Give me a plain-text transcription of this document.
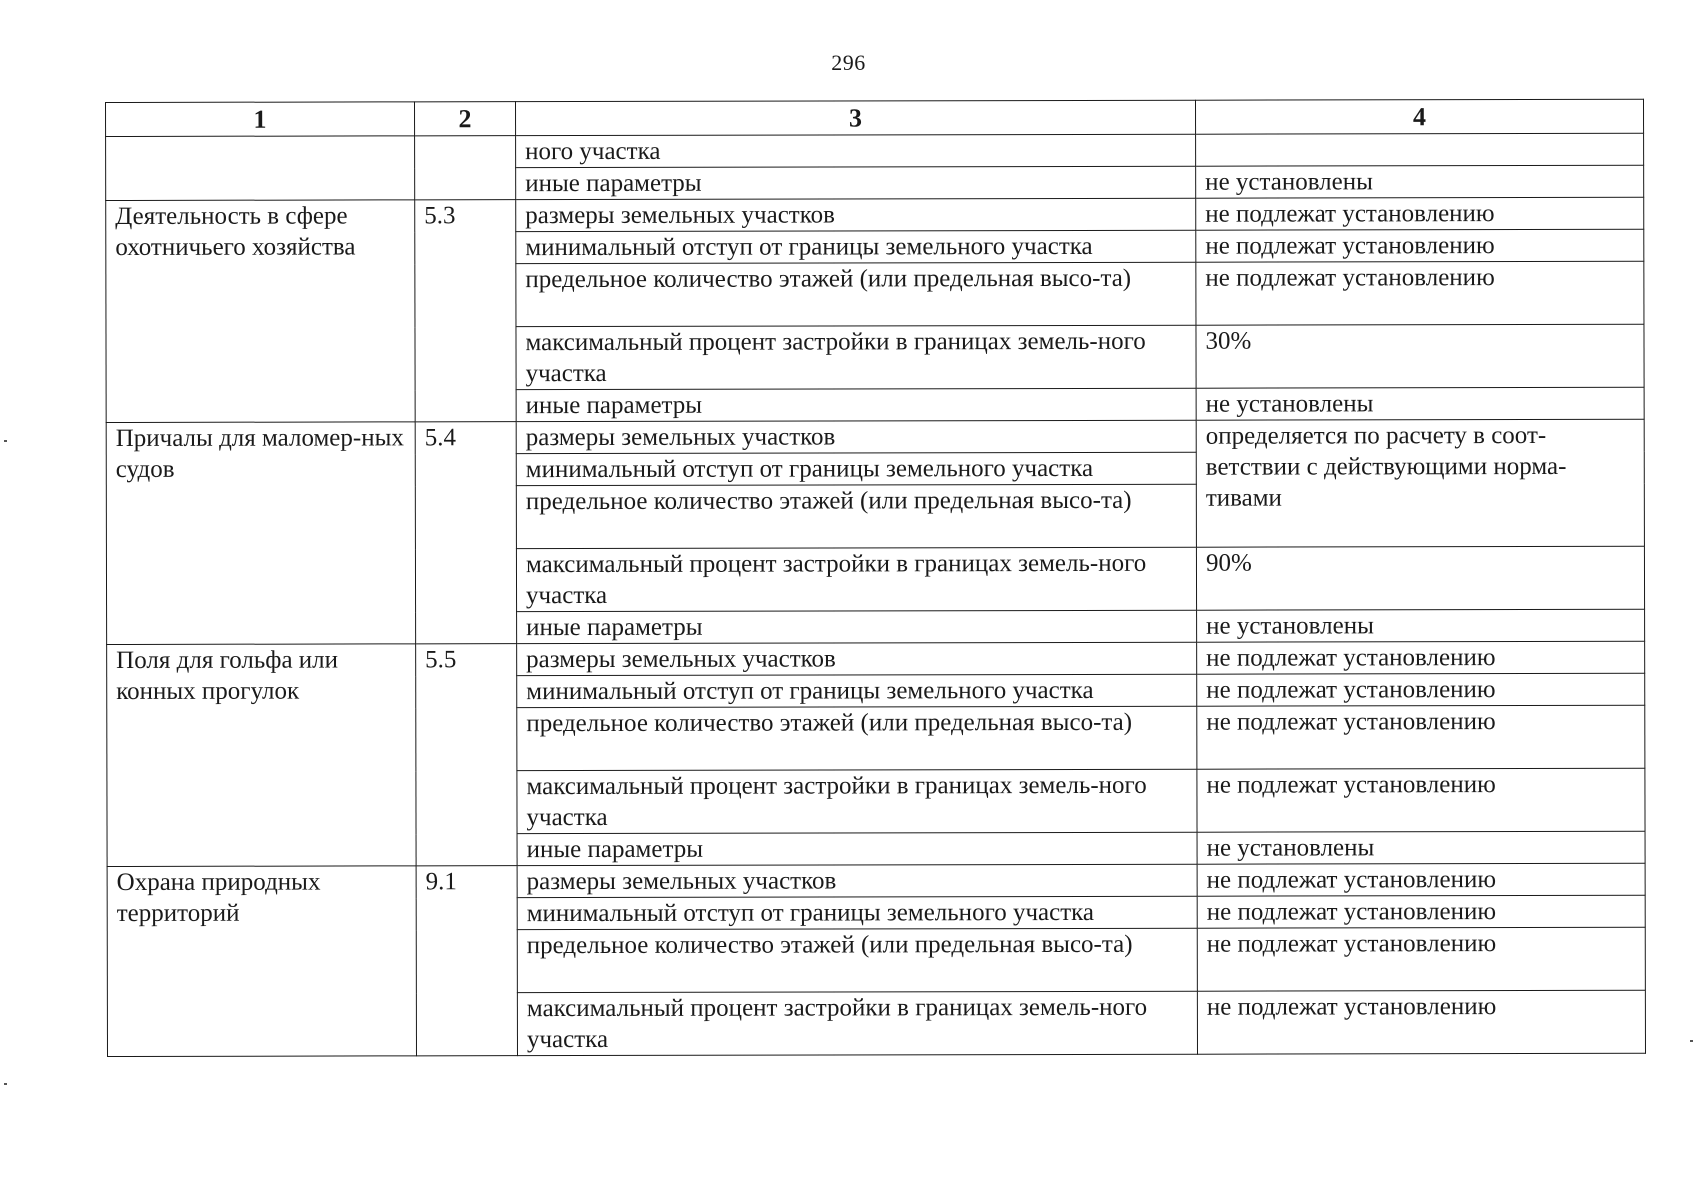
296
1	2	3	4
		ного участка	
		иные параметры	не установлены
Деятельность в сфере охотничьего хозяйства	5.3	размеры земельных участков	не подлежат установлению
		минимальный отступ от границы земельного участка	не подлежат установлению
		предельное количество этажей (или предельная высо-та)	не подлежат установлению
		максимальный процент застройки в границах земель-ного участка	30%
		иные параметры	не установлены
Причалы для маломер-ных судов	5.4	размеры земельных участков	определяется по расчету в соот-ветствии с действующими норма-тивами
		минимальный отступ от границы земельного участка	
		предельное количество этажей (или предельная высо-та)	
		максимальный процент застройки в границах земель-ного участка	90%
		иные параметры	не установлены
Поля для гольфа или конных прогулок	5.5	размеры земельных участков	не подлежат установлению
		минимальный отступ от границы земельного участка	не подлежат установлению
		предельное количество этажей (или предельная высо-та)	не подлежат установлению
		максимальный процент застройки в границах земель-ного участка	не подлежат установлению
		иные параметры	не установлены
Охрана природных территорий	9.1	размеры земельных участков	не подлежат установлению
		минимальный отступ от границы земельного участка	не подлежат установлению
		предельное количество этажей (или предельная высо-та)	не подлежат установлению
		максимальный процент застройки в границах земель-ного участка	не подлежат установлению
